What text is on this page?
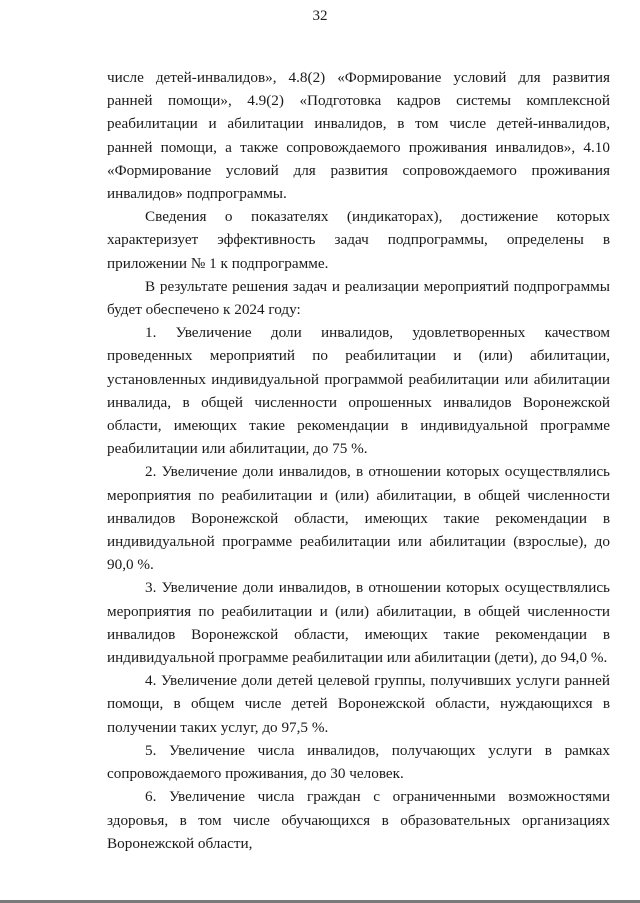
32

числе детей-инвалидов», 4.8(2) «Формирование условий для развития ранней помощи», 4.9(2) «Подготовка кадров системы комплексной реабилитации и абилитации инвалидов, в том числе детей-инвалидов, ранней помощи, а также сопровождаемого проживания инвалидов», 4.10 «Формирование условий для развития сопровождаемого проживания инвалидов» подпрограммы.

Сведения о показателях (индикаторах), достижение которых характеризует эффективность задач подпрограммы, определены в приложении № 1 к подпрограмме.

В результате решения задач и реализации мероприятий подпрограммы будет обеспечено к 2024 году:

1. Увеличение доли инвалидов, удовлетворенных качеством проведенных мероприятий по реабилитации и (или) абилитации, установленных индивидуальной программой реабилитации или абилитации инвалида, в общей численности опрошенных инвалидов Воронежской области, имеющих такие рекомендации в индивидуальной программе реабилитации или абилитации, до 75 %.

2. Увеличение доли инвалидов, в отношении которых осуществлялись мероприятия по реабилитации и (или) абилитации, в общей численности инвалидов Воронежской области, имеющих такие рекомендации в индивидуальной программе реабилитации или абилитации (взрослые), до 90,0 %.

3. Увеличение доли инвалидов, в отношении которых осуществлялись мероприятия по реабилитации и (или) абилитации, в общей численности инвалидов Воронежской области, имеющих такие рекомендации в индивидуальной программе реабилитации или абилитации (дети), до 94,0 %.

4. Увеличение доли детей целевой группы, получивших услуги ранней помощи, в общем числе детей Воронежской области, нуждающихся в получении таких услуг, до 97,5 %.

5. Увеличение числа инвалидов, получающих услуги в рамках сопровождаемого проживания, до 30 человек.

6. Увеличение числа граждан с ограниченными возможностями здоровья, в том числе обучающихся в образовательных организациях Воронежской области,
